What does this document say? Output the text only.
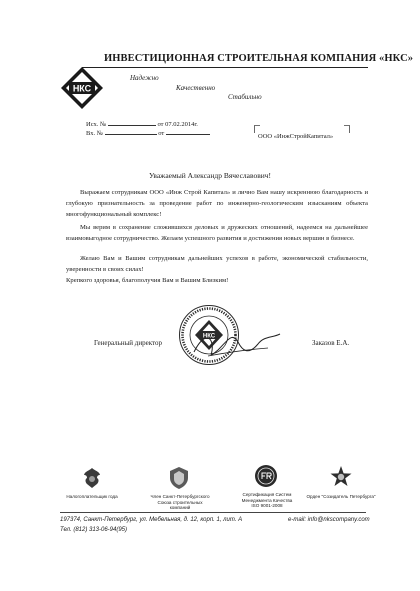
ИНВЕСТИЦИОННАЯ СТРОИТЕЛЬНАЯ КОМПАНИЯ «НКС»
НКС
Надежно
Качественно
Стабильно
Исх. №	от 07.02.2014г.
Вх. №	от	ООО «ИнжСтройКапитал»
Уважаемый Александр Вячеславович!
Выражаем сотрудникам ООО «Инж Строй Капитал» и лично Вам нашу искреннюю благодарность и глубокую признательность за проведение работ по инженерно-геологическим изысканиям объекта многофункциональный комплекс!
Мы верим в сохранение сложившихся деловых и дружеских отношений, надеемся на дальнейшее взаимовыгодное сотрудничество. Желаем успешного развития и достижения новых вершин в бизнесе.
Желаю Вам и Вашим сотрудникам дальнейших успехов в работе, экономической стабильности, уверенности в своих силах!
Крепкого здоровья, благополучия Вам и Вашим Близким!
Генеральный директор	Заказов Е.А.
НКС
Налогоплательщик года	Член Санкт-Петербургского Союза строительных компаний
Сертификация Систем Менеджмента Качества ISO 9001-2008
Орден "Созидатель Петербурга"
197374, Санкт-Петербург, ул. Мебельная, д. 12, корп. 1, лит. А
Тел. (812) 313-06-94(95)
e-mail: info@nkscompany.com
